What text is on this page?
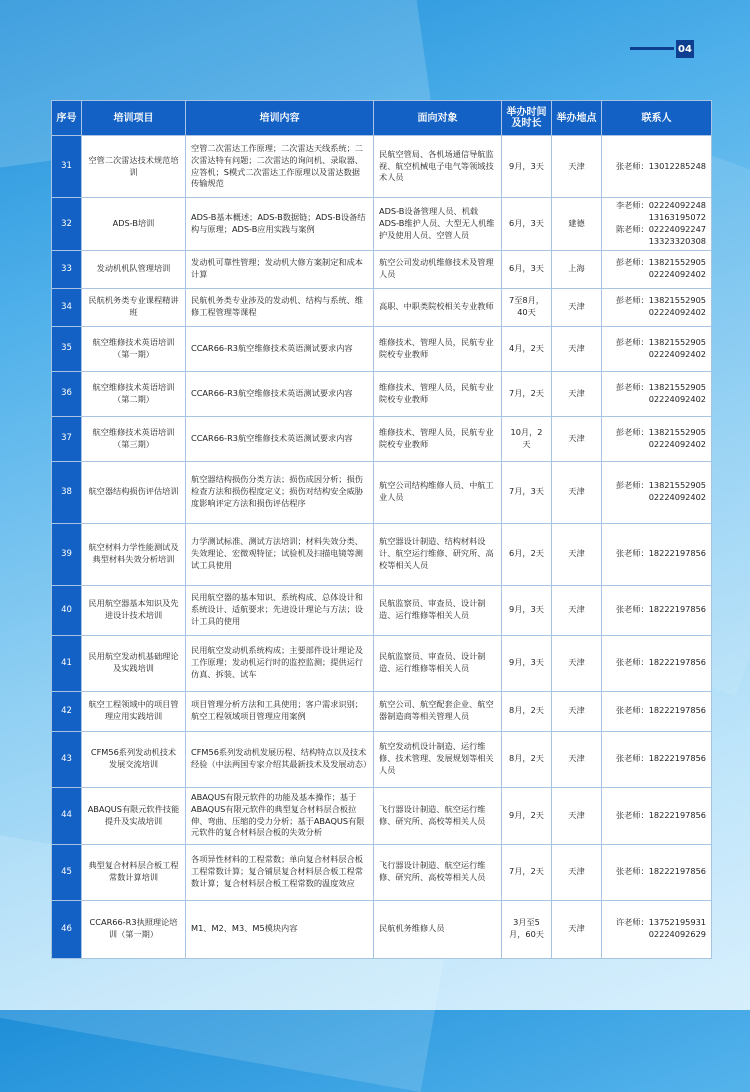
04
序号	培训项目	培训内容	面向对象	举办时间及时长	举办地点	联系人
31	空管二次雷达技术规范培训	空管二次雷达工作原理；二次雷达天线系统；二次雷达特有问题；二次雷达的询问机、录取器、应答机；S模式二次雷达工作原理以及雷达数据传输规范	民航空管局、各机场通信导航监视、航空机械电子电气等领域技术人员	9月，3天	天津	张老师：13012285248
32	ADS-B培训	ADS-B基本概述；ADS-B数据链；ADS-B设备结构与原理；ADS-B应用实践与案例	ADS-B设备管理人员、机载ADS-B维护人员、大型无人机维护及使用人员、空管人员	6月，3天	建德	李老师：02224092248
13163195072
陈老师：02224092247
13323320308
33	发动机机队管理培训	发动机可靠性管理；发动机大修方案制定和成本计算	航空公司发动机维修技术及管理人员	6月，3天	上海	彭老师：13821552905
02224092402
34	民航机务类专业课程精讲班	民航机务类专业涉及的发动机、结构与系统、维修工程管理等课程	高职、中职类院校相关专业教师	7至8月，40天	天津	彭老师：13821552905
02224092402
35	航空维修技术英语培训（第一期）	CCAR66-R3航空维修技术英语测试要求内容	维修技术、管理人员，民航专业院校专业教师	4月，2天	天津	彭老师：13821552905
02224092402
36	航空维修技术英语培训（第二期）	CCAR66-R3航空维修技术英语测试要求内容	维修技术、管理人员，民航专业院校专业教师	7月，2天	天津	彭老师：13821552905
02224092402
37	航空维修技术英语培训（第三期）	CCAR66-R3航空维修技术英语测试要求内容	维修技术、管理人员，民航专业院校专业教师	10月，2天	天津	彭老师：13821552905
02224092402
38	航空器结构损伤评估培训	航空器结构损伤分类方法；损伤成因分析；损伤检查方法和损伤程度定义；损伤对结构安全威胁度影响评定方法和损伤评估程序	航空公司结构维修人员、中航工业人员	7月，3天	天津	彭老师：13821552905
02224092402
39	航空材料力学性能测试及典型材料失效分析培训	力学测试标准、测试方法培训；材料失效分类、失效理论、宏微观特征；试验机及扫描电镜等测试工具使用	航空器设计制造、结构材料设计、航空运行维修、研究所、高校等相关人员	6月，2天	天津	张老师：18222197856
40	民用航空器基本知识及先进设计技术培训	民用航空器的基本知识、系统构成、总体设计和系统设计、适航要求；先进设计理论与方法；设计工具的使用	民航监察员、审查员、设计制造、运行维修等相关人员	9月，3天	天津	张老师：18222197856
41	民用航空发动机基础理论及实践培训	民用航空发动机系统构成；主要部件设计理论及工作原理；发动机运行时的监控监测；提供运行仿真、拆装、试车	民航监察员、审查员、设计制造、运行维修等相关人员	9月，3天	天津	张老师：18222197856
42	航空工程领域中的项目管理应用实践培训	项目管理分析方法和工具使用；客户需求识别；航空工程领域项目管理应用案例	航空公司、航空配套企业、航空器制造商等相关管理人员	8月，2天	天津	张老师：18222197856
43	CFM56系列发动机技术发展交流培训	CFM56系列发动机发展历程、结构特点以及技术经验（中法两国专家介绍其最新技术及发展动态）	航空发动机设计制造、运行维修、技术管理、发展规划等相关人员	8月，2天	天津	张老师：18222197856
44	ABAQUS有限元软件技能提升及实战培训	ABAQUS有限元软件的功能及基本操作；基于ABAQUS有限元软件的典型复合材料层合板拉伸、弯曲、压缩的受力分析；基于ABAQUS有限元软件的复合材料层合板的失效分析	飞行器设计制造、航空运行维修、研究所、高校等相关人员	9月，2天	天津	张老师：18222197856
45	典型复合材料层合板工程常数计算培训	各项异性材料的工程常数；单向复合材料层合板工程常数计算；复合铺层复合材料层合板工程常数计算；复合材料层合板工程常数的温度效应	飞行器设计制造、航空运行维修、研究所、高校等相关人员	7月，2天	天津	张老师：18222197856
46	CCAR66-R3执照理论培训（第一期）	M1、M2、M3、M5模块内容	民航机务维修人员	3月至5月，60天	天津	许老师：13752195931
02224092629
